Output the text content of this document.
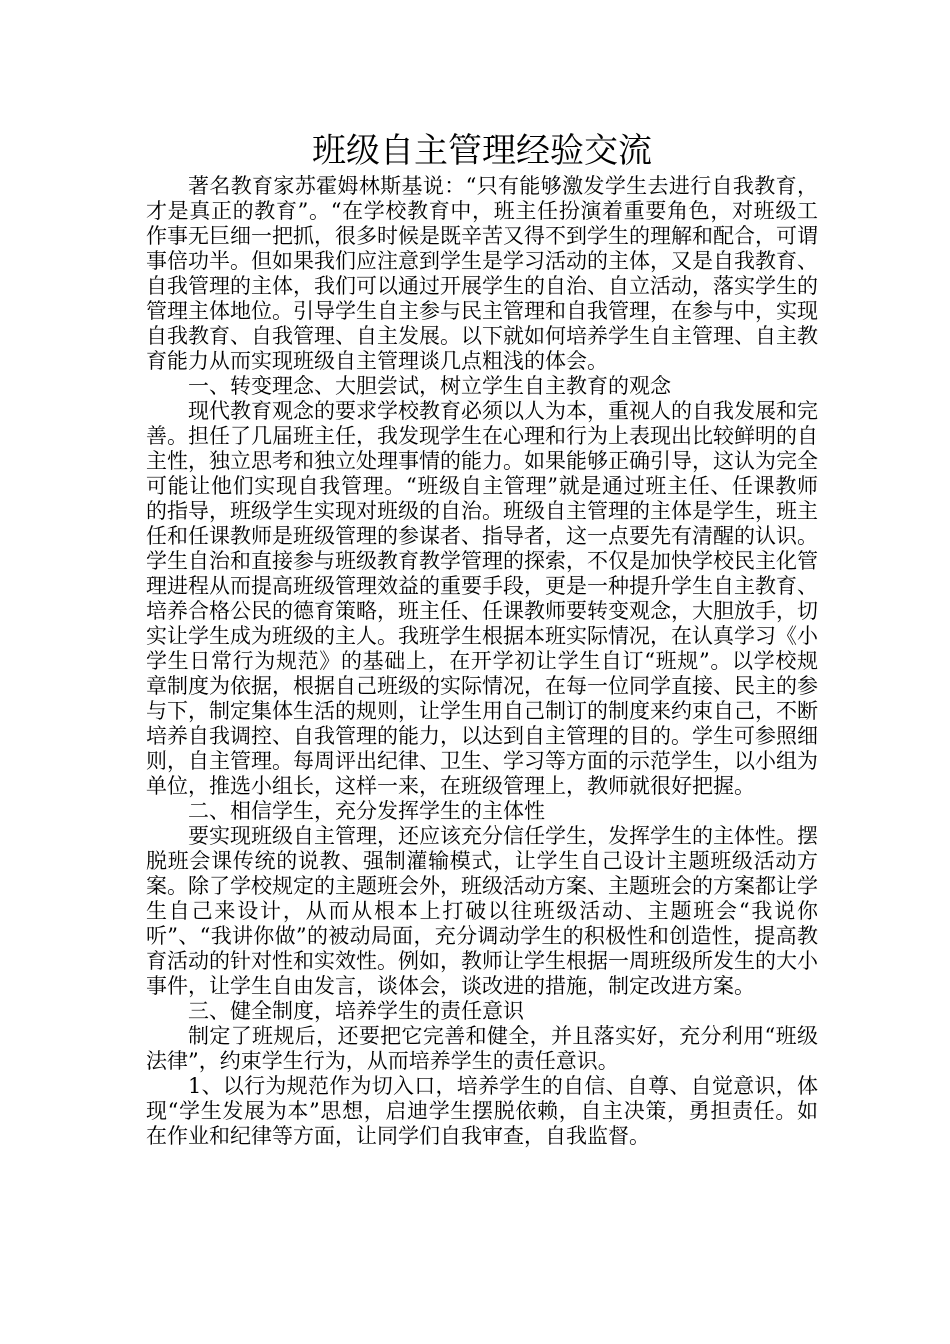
班级自主管理经验交流

著名教育家苏霍姆林斯基说：“只有能够激发学生去进行自我教育，才是真正的教育”。“在学校教育中，班主任扮演着重要角色，对班级工作事无巨细一把抓，很多时候是既辛苦又得不到学生的理解和配合，可谓事倍功半。但如果我们应注意到学生是学习活动的主体，又是自我教育、自我管理的主体，我们可以通过开展学生的自治、自立活动，落实学生的管理主体地位。引导学生自主参与民主管理和自我管理，在参与中，实现自我教育、自我管理、自主发展。以下就如何培养学生自主管理、自主教育能力从而实现班级自主管理谈几点粗浅的体会。

一、转变理念、大胆尝试，树立学生自主教育的观念

现代教育观念的要求学校教育必须以人为本，重视人的自我发展和完善。担任了几届班主任，我发现学生在心理和行为上表现出比较鲜明的自主性，独立思考和独立处理事情的能力。如果能够正确引导，这认为完全可能让他们实现自我管理。“班级自主管理”就是通过班主任、任课教师的指导，班级学生实现对班级的自治。班级自主管理的主体是学生，班主任和任课教师是班级管理的参谋者、指导者，这一点要先有清醒的认识。学生自治和直接参与班级教育教学管理的探索，不仅是加快学校民主化管理进程从而提高班级管理效益的重要手段，更是一种提升学生自主教育、培养合格公民的德育策略，班主任、任课教师要转变观念，大胆放手，切实让学生成为班级的主人。我班学生根据本班实际情况，在认真学习《小学生日常行为规范》的基础上，在开学初让学生自订“班规”。以学校规章制度为依据，根据自己班级的实际情况，在每一位同学直接、民主的参与下，制定集体生活的规则，让学生用自己制订的制度来约束自己，不断培养自我调控、自我管理的能力，以达到自主管理的目的。学生可参照细则，自主管理。每周评出纪律、卫生、学习等方面的示范学生，以小组为单位，推选小组长，这样一来，在班级管理上，教师就很好把握。

二、相信学生，充分发挥学生的主体性

要实现班级自主管理，还应该充分信任学生，发挥学生的主体性。摆脱班会课传统的说教、强制灌输模式，让学生自己设计主题班级活动方案。除了学校规定的主题班会外，班级活动方案、主题班会的方案都让学生自己来设计，从而从根本上打破以往班级活动、主题班会“我说你听”、“我讲你做”的被动局面，充分调动学生的积极性和创造性，提高教育活动的针对性和实效性。例如，教师让学生根据一周班级所发生的大小事件，让学生自由发言，谈体会，谈改进的措施，制定改进方案。

三、健全制度，培养学生的责任意识

制定了班规后，还要把它完善和健全，并且落实好，充分利用“班级法律”，约束学生行为，从而培养学生的责任意识。

1、以行为规范作为切入口，培养学生的自信、自尊、自觉意识，体现“学生发展为本”思想，启迪学生摆脱依赖，自主决策，勇担责任。如在作业和纪律等方面，让同学们自我审查，自我监督。
